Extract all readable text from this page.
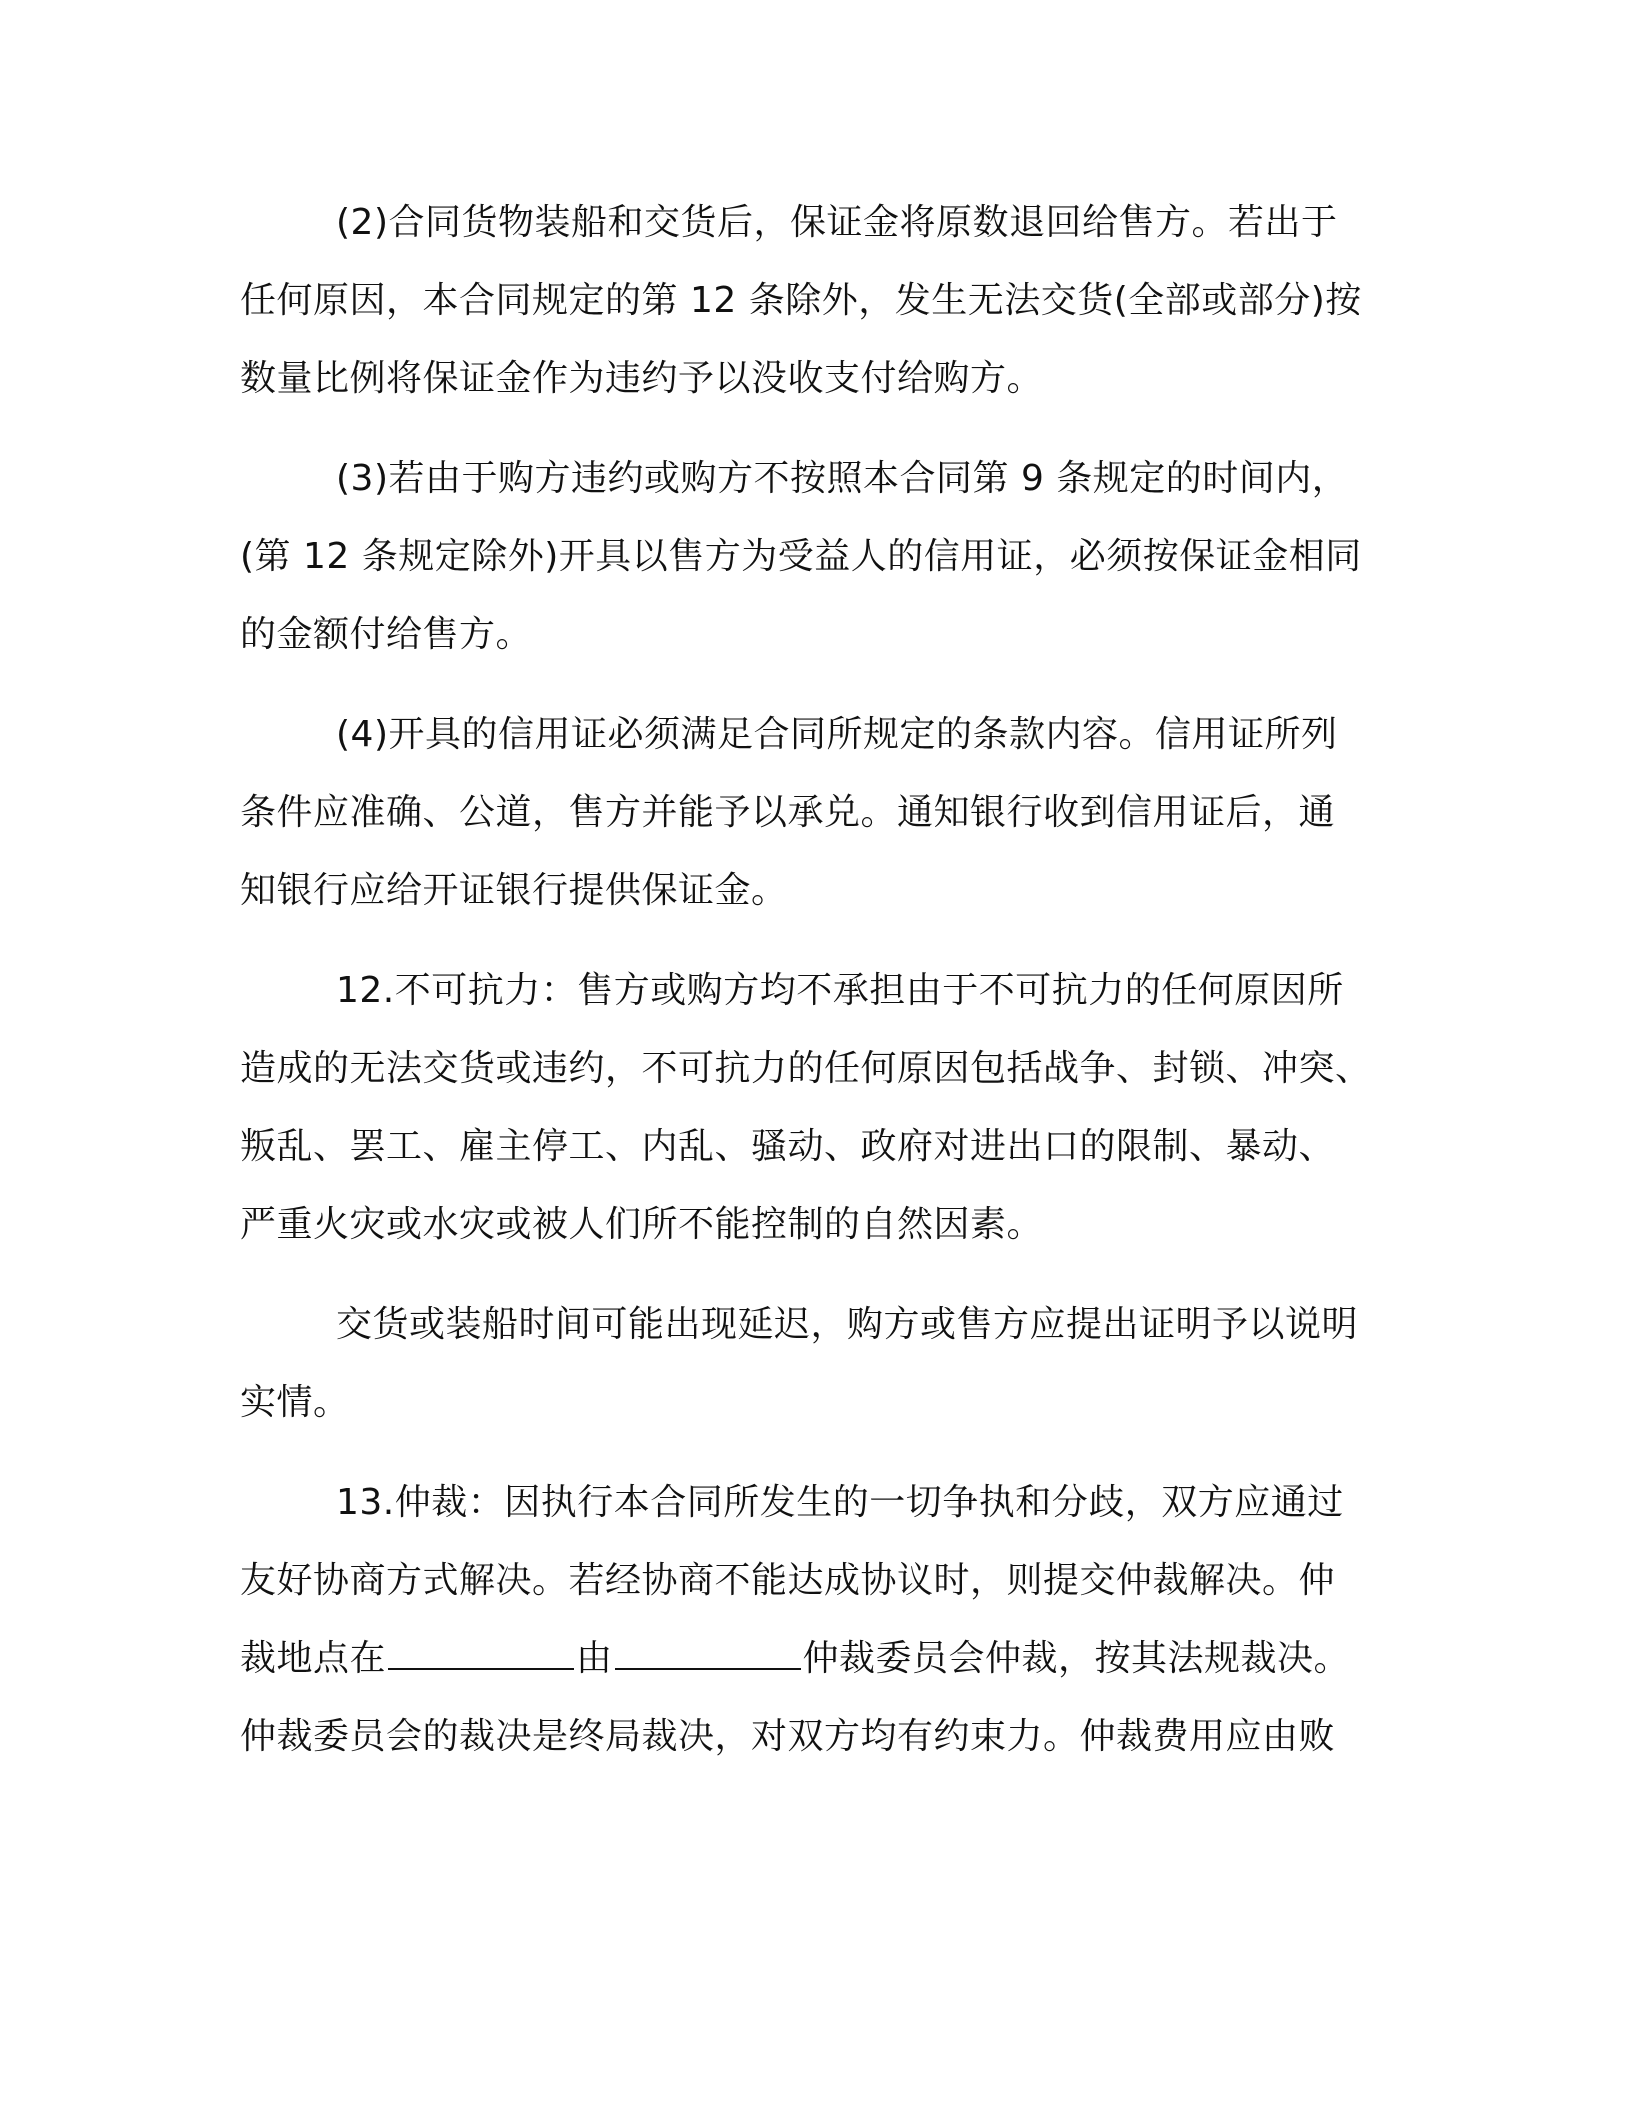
(2)合同货物装船和交货后，保证金将原数退回给售方。若出于
任何原因，本合同规定的第 12 条除外，发生无法交货(全部或部分)按
数量比例将保证金作为违约予以没收支付给购方。
(3)若由于购方违约或购方不按照本合同第 9 条规定的时间内，
(第 12 条规定除外)开具以售方为受益人的信用证，必须按保证金相同
的金额付给售方。
(4)开具的信用证必须满足合同所规定的条款内容。信用证所列
条件应准确、公道，售方并能予以承兑。通知银行收到信用证后，通
知银行应给开证银行提供保证金。
12.不可抗力：售方或购方均不承担由于不可抗力的任何原因所
造成的无法交货或违约，不可抗力的任何原因包括战争、封锁、冲突、
叛乱、罢工、雇主停工、内乱、骚动、政府对进出口的限制、暴动、
严重火灾或水灾或被人们所不能控制的自然因素。
交货或装船时间可能出现延迟，购方或售方应提出证明予以说明
实情。
13.仲裁：因执行本合同所发生的一切争执和分歧，双方应通过
友好协商方式解决。若经协商不能达成协议时，则提交仲裁解决。仲
裁地点在	由	仲裁委员会仲裁，按其法规裁决。
仲裁委员会的裁决是终局裁决，对双方均有约束力。仲裁费用应由败
